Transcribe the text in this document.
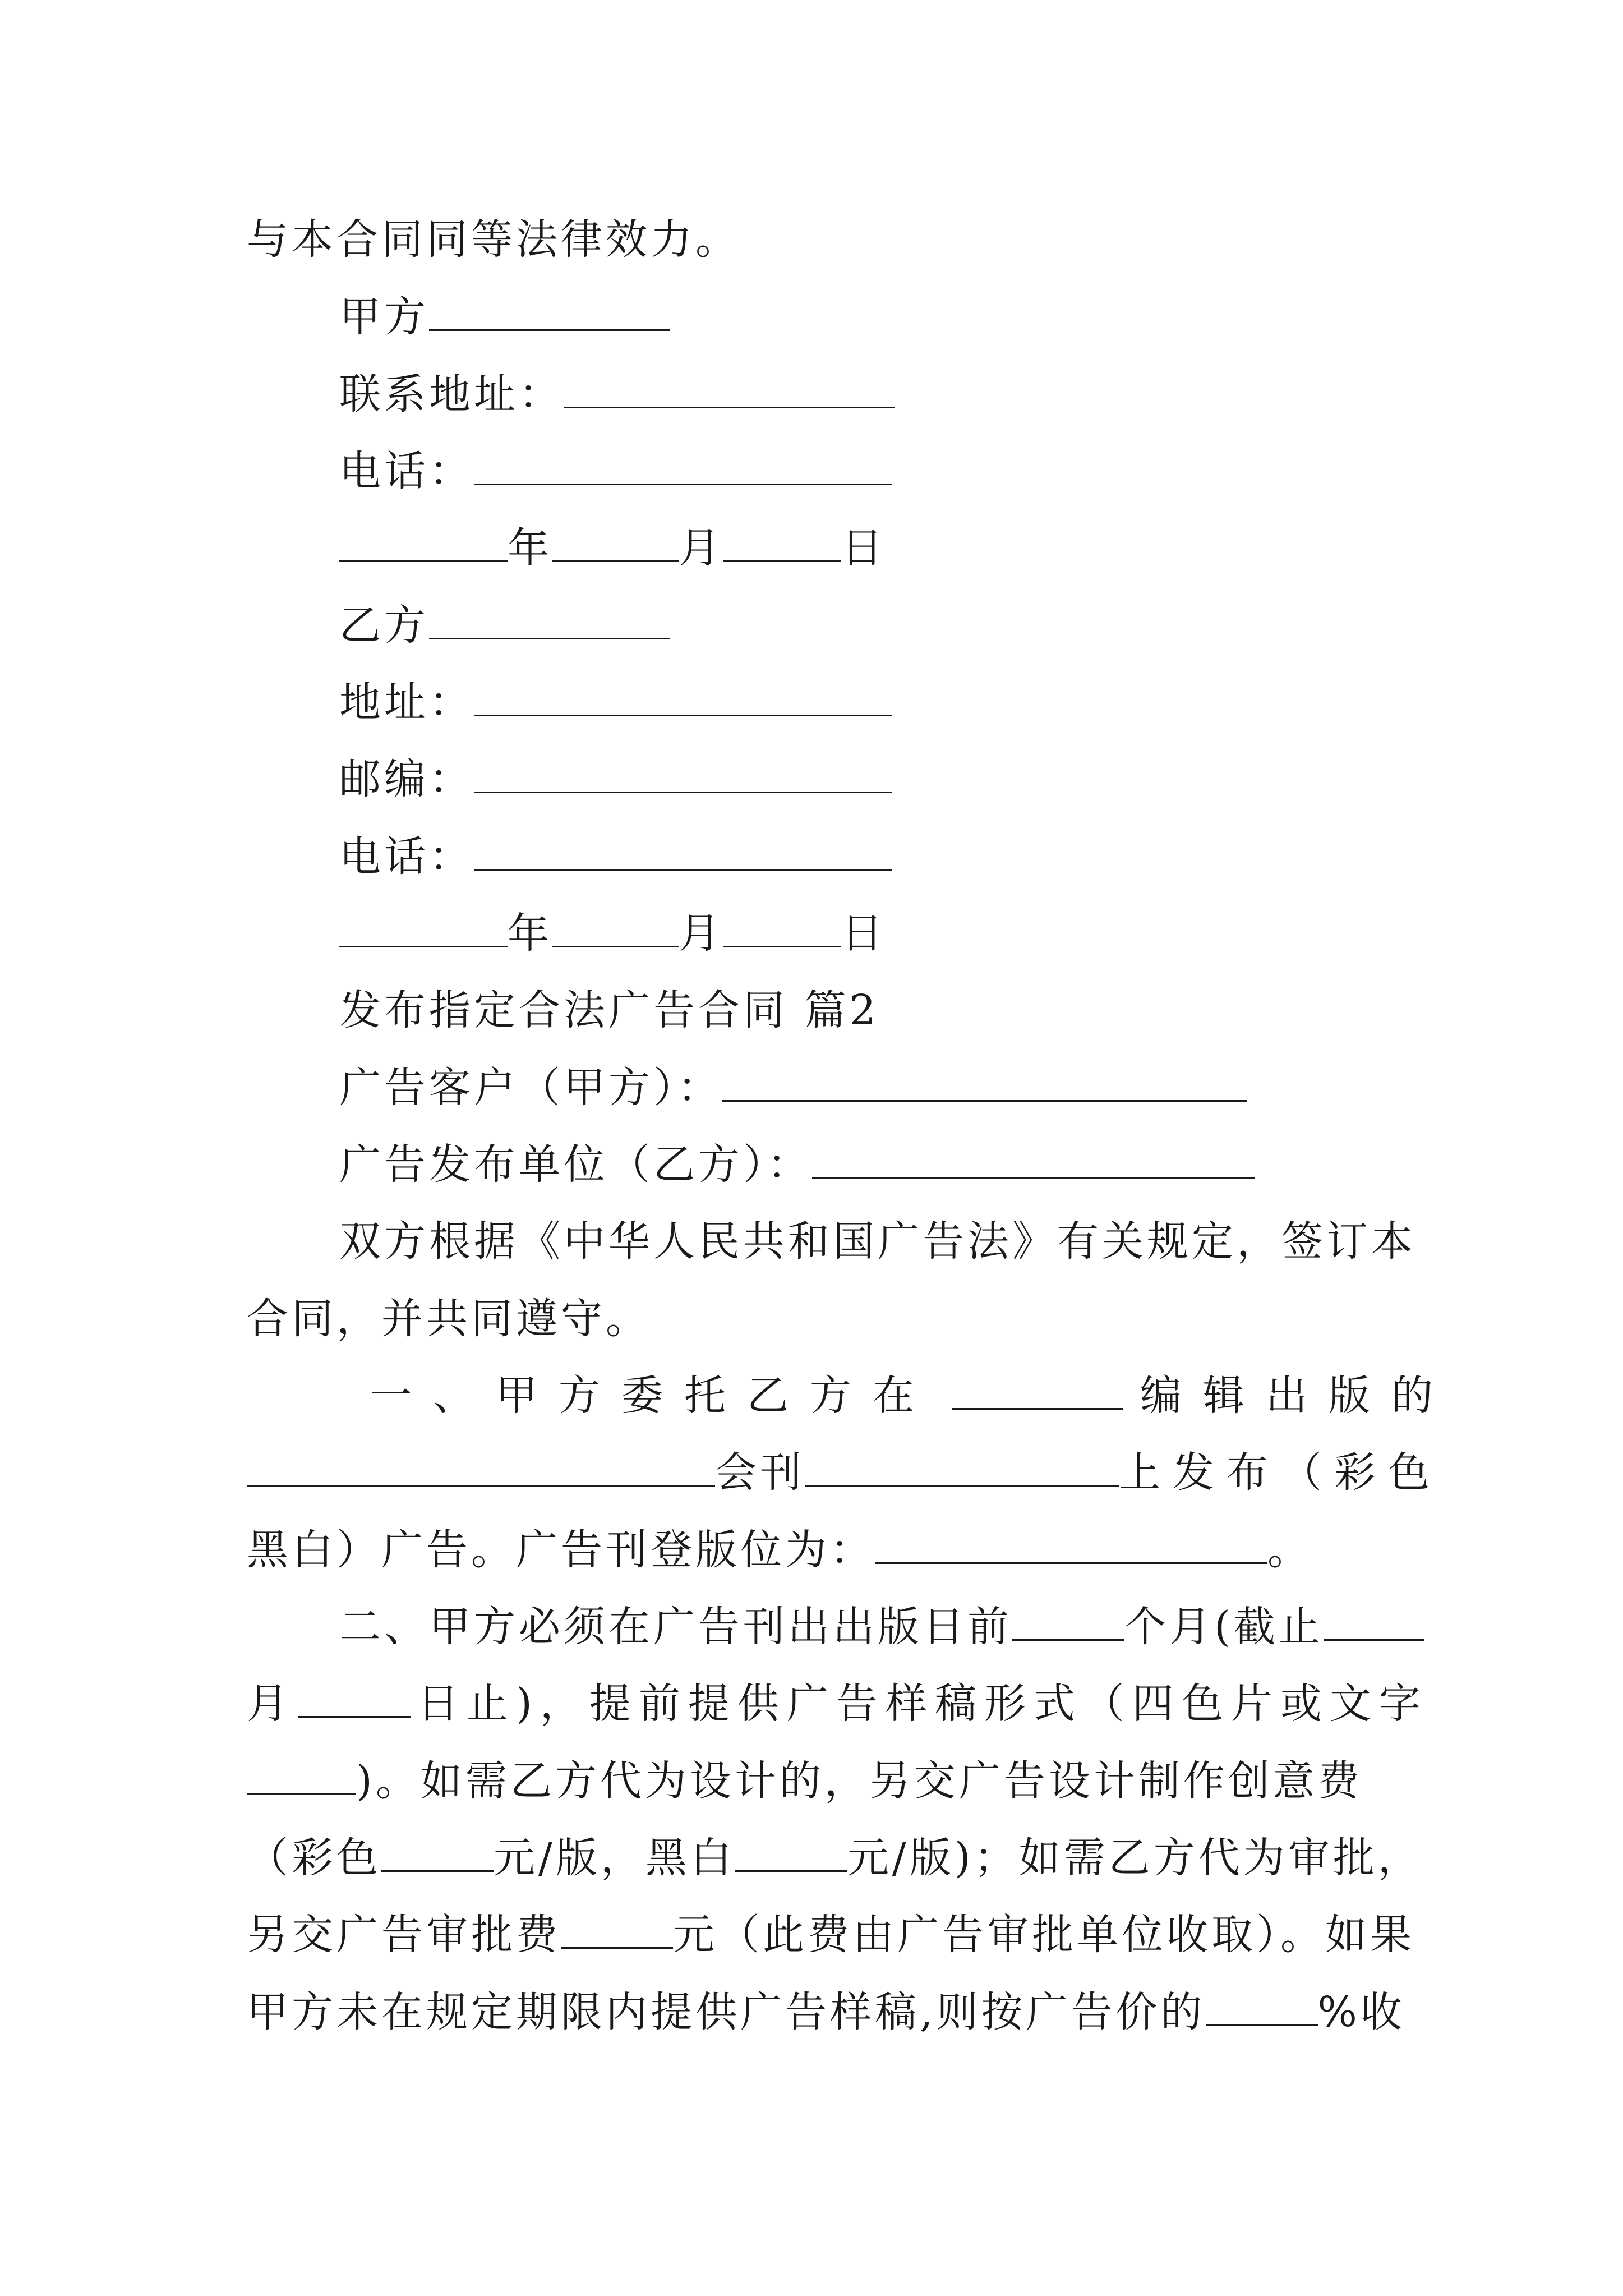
与本合同同等法律效力。
甲方
联系地址：
电话：
年	月	日
乙方
地址：
邮编：
电话：
年	月	日
发布指定合法广告合同 篇2
广告客户（甲方）：
广告发布单位（乙方）：
双方根据《中华人民共和国广告法》有关规定，签订本
合同，并共同遵守。
一、甲方委托乙方在	编辑出版的
会刊	上发布（彩色
黑白）广告。广告刊登版位为：	。
二、甲方必须在广告刊出出版日前	个月(截止
月	日止)，提前提供广告样稿形式（四色片或文字
)。如需乙方代为设计的，另交广告设计制作创意费
（彩色	元/版，黑白	元/版)；如需乙方代为审批，
另交广告审批费	元（此费由广告审批单位收取）。如果
甲方未在规定期限内提供广告样稿,则按广告价的	%收
